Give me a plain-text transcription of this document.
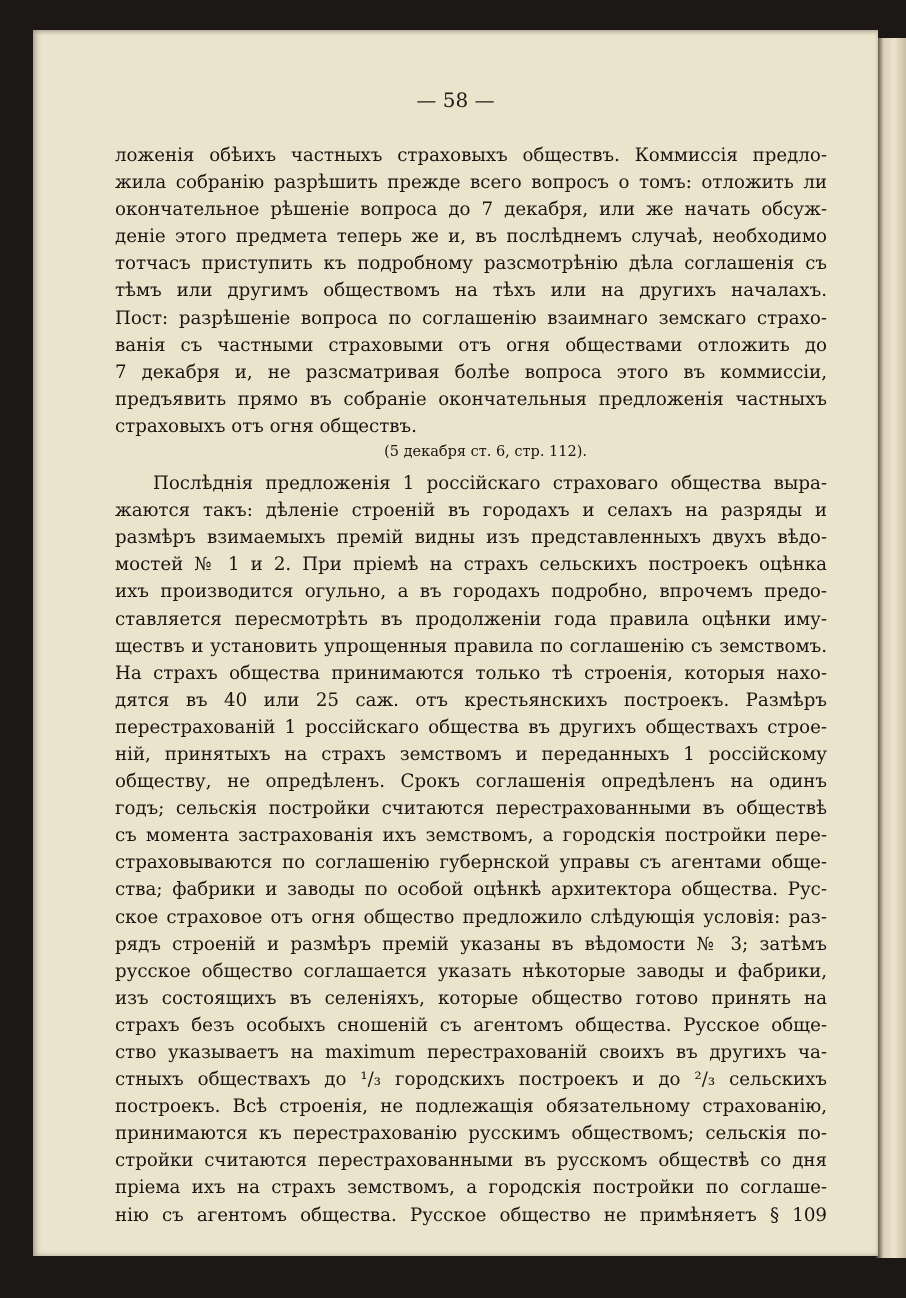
— 58 —
ложенія обѣихъ частныхъ страховыхъ обществъ. Коммиссія предло-
жила собранію разрѣшить прежде всего вопросъ о томъ: отложить ли
окончательное рѣшеніе вопроса до 7 декабря, или же начать обсуж-
деніе этого предмета теперь же и, въ послѣднемъ случаѣ, необходимо
тотчасъ приступить къ подробному разсмотрѣнію дѣла соглашенія съ
тѣмъ или другимъ обществомъ на тѣхъ или на другихъ началахъ.
Пост: разрѣшеніе вопроса по соглашенію взаимнаго земскаго страхо-
ванія съ частными страховыми отъ огня обществами отложить до
7 декабря и, не разсматривая болѣе вопроса этого въ коммиссіи,
предъявить прямо въ собраніе окончательныя предложенія частныхъ
страховыхъ отъ огня обществъ.
(5 декабря ст. 6, стр. 112).
Послѣднія предложенія 1 россійскаго страховаго общества выра-
жаются такъ: дѣленіе строеній въ городахъ и селахъ на разряды и
размѣръ взимаемыхъ премій видны изъ представленныхъ двухъ вѣдо-
мостей № 1 и 2. При пріемѣ на страхъ сельскихъ построекъ оцѣнка
ихъ производится огульно, а въ городахъ подробно, впрочемъ предо-
ставляется пересмотрѣть въ продолженіи года правила оцѣнки иму-
ществъ и установить упрощенныя правила по соглашенію съ земствомъ.
На страхъ общества принимаются только тѣ строенія, которыя нахо-
дятся въ 40 или 25 саж. отъ крестьянскихъ построекъ. Размѣръ
перестрахованій 1 россійскаго общества въ другихъ обществахъ строе-
ній, принятыхъ на страхъ земствомъ и переданныхъ 1 россійскому
обществу, не опредѣленъ. Срокъ соглашенія опредѣленъ на одинъ
годъ; сельскія постройки считаются перестрахованными въ обществѣ
съ момента застрахованія ихъ земствомъ, а городскія постройки пере-
страховываются по соглашенію губернской управы съ агентами обще-
ства; фабрики и заводы по особой оцѣнкѣ архитектора общества. Рус-
ское страховое отъ огня общество предложило слѣдующія условія: раз-
рядъ строеній и размѣръ премій указаны въ вѣдомости № 3; затѣмъ
русское общество соглашается указать нѣкоторые заводы и фабрики,
изъ состоящихъ въ селеніяхъ, которые общество готово принять на
страхъ безъ особыхъ сношеній съ агентомъ общества. Русское обще-
ство указываетъ на maximum перестрахованій своихъ въ другихъ ча-
стныхъ обществахъ до ¹/₃ городскихъ построекъ и до ²/₃ сельскихъ
построекъ. Всѣ строенія, не подлежащія обязательному страхованію,
принимаются къ перестрахованію русскимъ обществомъ; сельскія по-
стройки считаются перестрахованными въ русскомъ обществѣ со дня
пріема ихъ на страхъ земствомъ, а городскія постройки по соглаше-
нію съ агентомъ общества. Русское общество не примѣняетъ § 109
